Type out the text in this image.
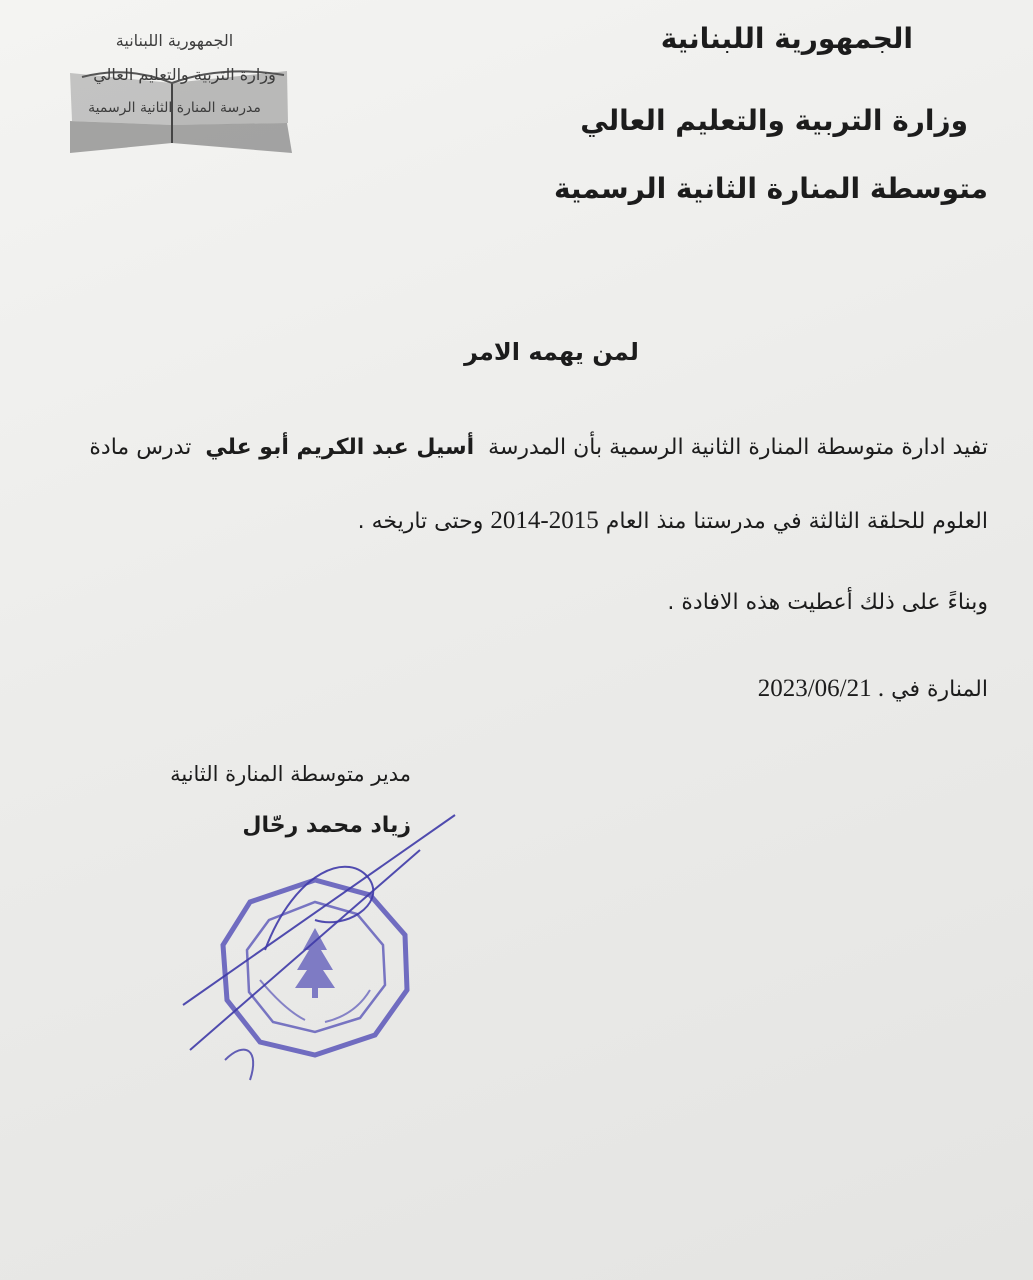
الجمهورية اللبنانية
وزارة التربية والتعليم العالي
مدرسة المنارة الثانية الرسمية
الجمهورية اللبنانية
وزارة التربية والتعليم العالي
متوسطة المنارة الثانية الرسمية
لمن يهمه الامر
تفيد ادارة متوسطة المنارة الثانية الرسمية بأن المدرسة  أسيل عبد الكريم أبو علي  تدرس مادة
العلوم للحلقة الثالثة في مدرستنا منذ العام 2014-2015 وحتى تاريخه .
وبناءً على ذلك أعطيت هذه الافادة .
المنارة في 2023/06/21 .
مدير متوسطة المنارة الثانية
زياد محمد رحّال
